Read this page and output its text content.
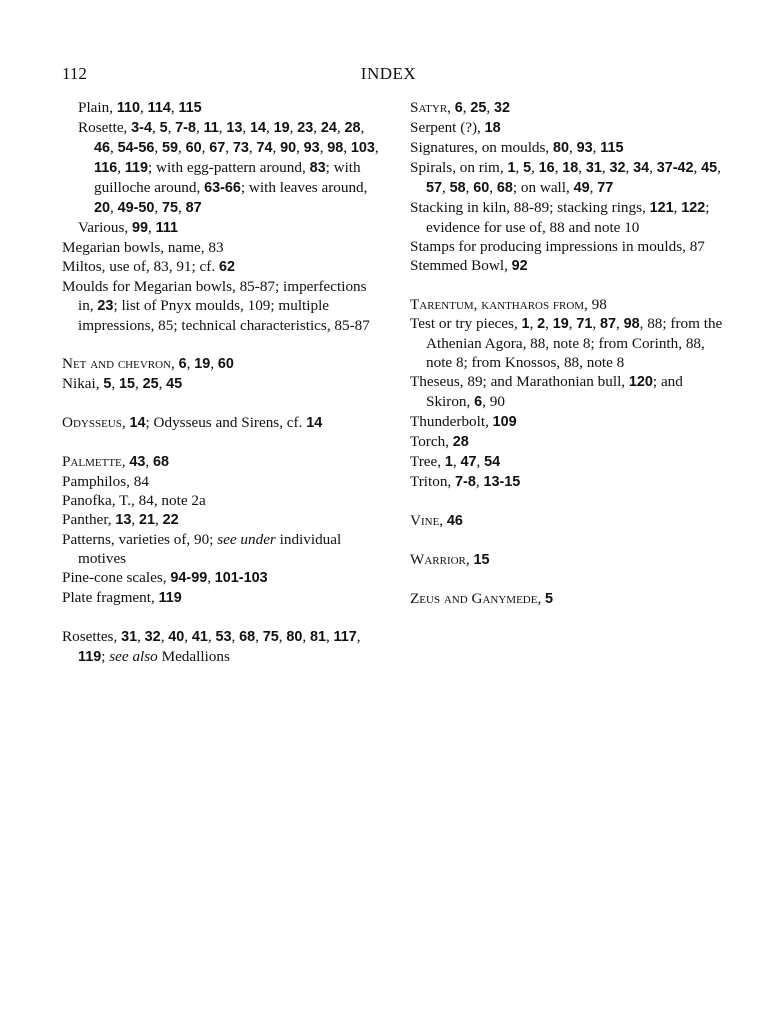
112	INDEX

Plain, 110, 114, 115

Rosette, 3-4, 5, 7-8, 11, 13, 14, 19, 23, 24, 28, 46, 54-56, 59, 60, 67, 73, 74, 90, 93, 98, 103, 116, 119; with egg-pattern around, 83; with guilloche around, 63-66; with leaves around, 20, 49-50, 75, 87

Various, 99, 111

Megarian bowls, name, 83

Miltos, use of, 83, 91; cf. 62

Moulds for Megarian bowls, 85-87; imperfections in, 23; list of Pnyx moulds, 109; multiple impressions, 85; technical characteristics, 85-87

Net and chevron, 6, 19, 60

Nikai, 5, 15, 25, 45

Odysseus, 14; Odysseus and Sirens, cf. 14

Palmette, 43, 68

Pamphilos, 84

Panofka, T., 84, note 2a

Panther, 13, 21, 22

Patterns, varieties of, 90; see under individual motives

Pine-cone scales, 94-99, 101-103

Plate fragment, 119

Rosettes, 31, 32, 40, 41, 53, 68, 75, 80, 81, 117, 119; see also Medallions

Satyr, 6, 25, 32

Serpent (?), 18

Signatures, on moulds, 80, 93, 115

Spirals, on rim, 1, 5, 16, 18, 31, 32, 34, 37-42, 45, 57, 58, 60, 68; on wall, 49, 77

Stacking in kiln, 88-89; stacking rings, 121, 122; evidence for use of, 88 and note 10

Stamps for producing impressions in moulds, 87

Stemmed Bowl, 92

Tarentum, kantharos from, 98

Test or try pieces, 1, 2, 19, 71, 87, 98, 88; from the Athenian Agora, 88, note 8; from Corinth, 88, note 8; from Knossos, 88, note 8

Theseus, 89; and Marathonian bull, 120; and Skiron, 6, 90

Thunderbolt, 109

Torch, 28

Tree, 1, 47, 54

Triton, 7-8, 13-15

Vine, 46

Warrior, 15

Zeus and Ganymede, 5
